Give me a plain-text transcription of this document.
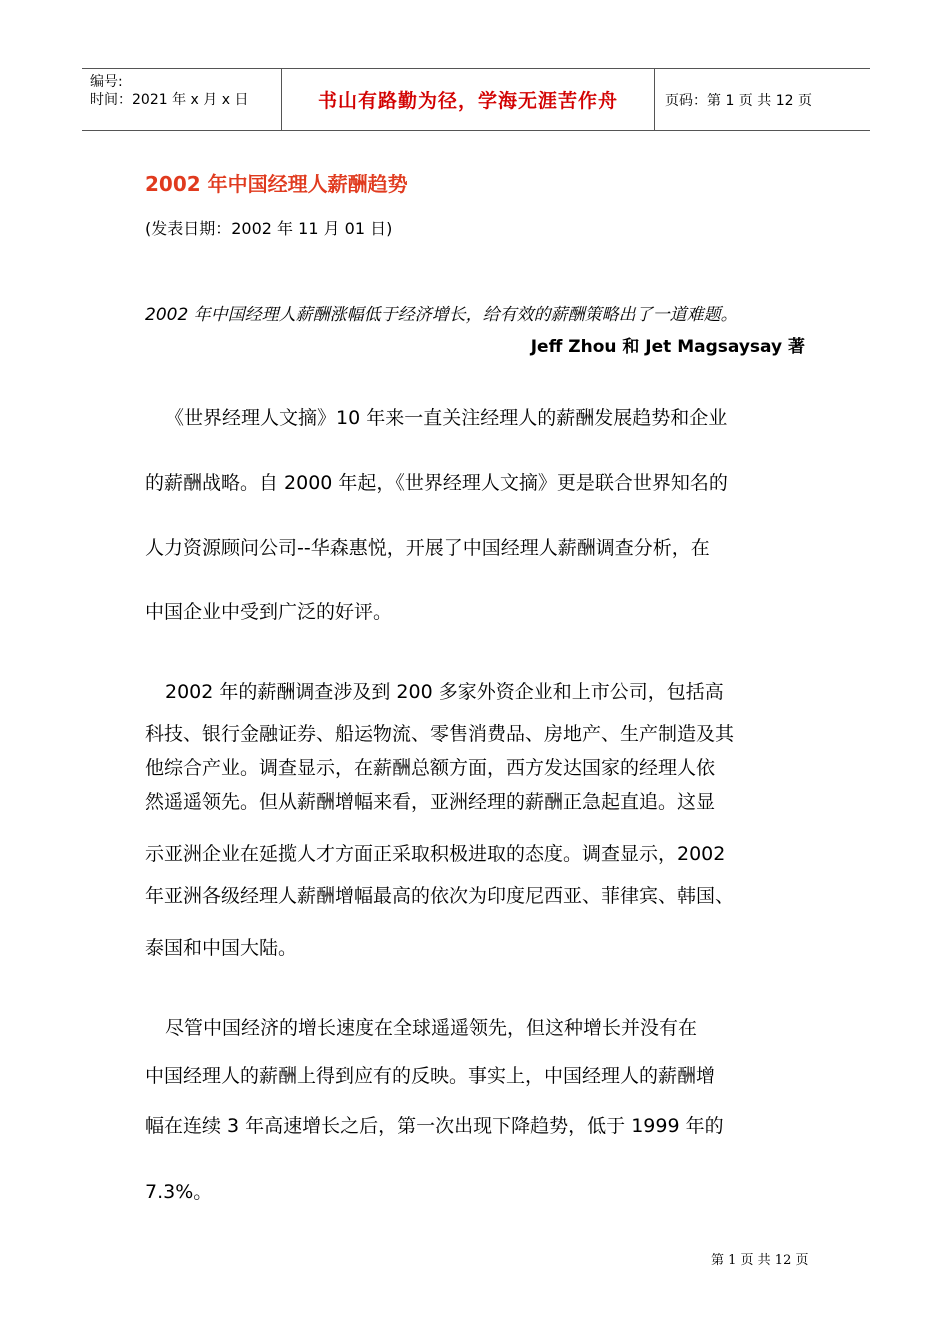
编号:
时间：2021 年 x 月 x 日	书山有路勤为径，学海无涯苦作舟	页码：第 1 页 共 12 页
2002 年中国经理人薪酬趋势
(发表日期：2002 年 11 月 01 日)
2002 年中国经理人薪酬涨幅低于经济增长，给有效的薪酬策略出了一道难题。
Jeff Zhou 和 Jet Magsaysay 著
《世界经理人文摘》10 年来一直关注经理人的薪酬发展趋势和企业
的薪酬战略。自 2000 年起，《世界经理人文摘》更是联合世界知名的
人力资源顾问公司--华森惠悦，开展了中国经理人薪酬调查分析，在
中国企业中受到广泛的好评。
2002 年的薪酬调查涉及到 200 多家外资企业和上市公司，包括高
科技、银行金融证券、船运物流、零售消费品、房地产、生产制造及其
他综合产业。调查显示，在薪酬总额方面，西方发达国家的经理人依
然遥遥领先。但从薪酬增幅来看，亚洲经理的薪酬正急起直追。这显
示亚洲企业在延揽人才方面正采取积极进取的态度。调查显示，2002
年亚洲各级经理人薪酬增幅最高的依次为印度尼西亚、菲律宾、韩国、
泰国和中国大陆。
尽管中国经济的增长速度在全球遥遥领先，但这种增长并没有在
中国经理人的薪酬上得到应有的反映。事实上，中国经理人的薪酬增
幅在连续 3 年高速增长之后，第一次出现下降趋势，低于 1999 年的
7.3%。
第 1 页 共 12 页
